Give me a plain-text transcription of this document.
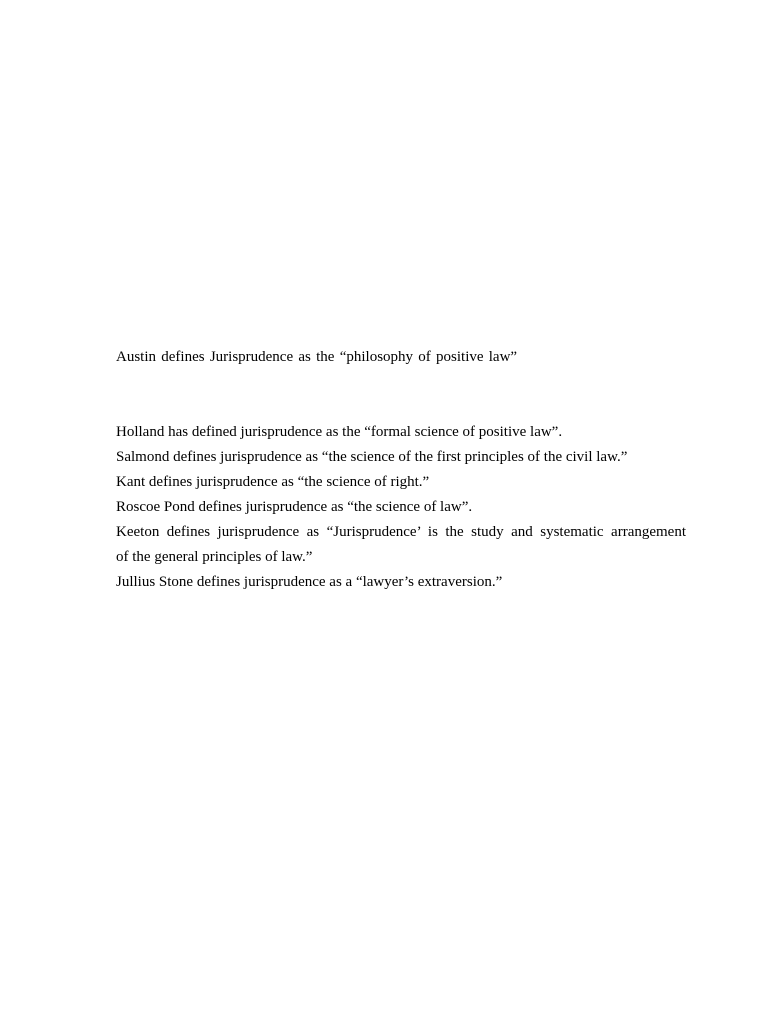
Austin defines Jurisprudence as the “philosophy of positive law”

Holland has defined jurisprudence as the “formal science of positive law”.
Salmond defines jurisprudence as “the science of the first principles of the civil law.”
Kant defines jurisprudence as “the science of right.”
Roscoe Pond defines jurisprudence as “the science of law”.
Keeton defines jurisprudence as “Jurisprudence’ is the study and systematic arrangement
of the general principles of law.”
Jullius Stone defines jurisprudence as a “lawyer’s extraversion.”
